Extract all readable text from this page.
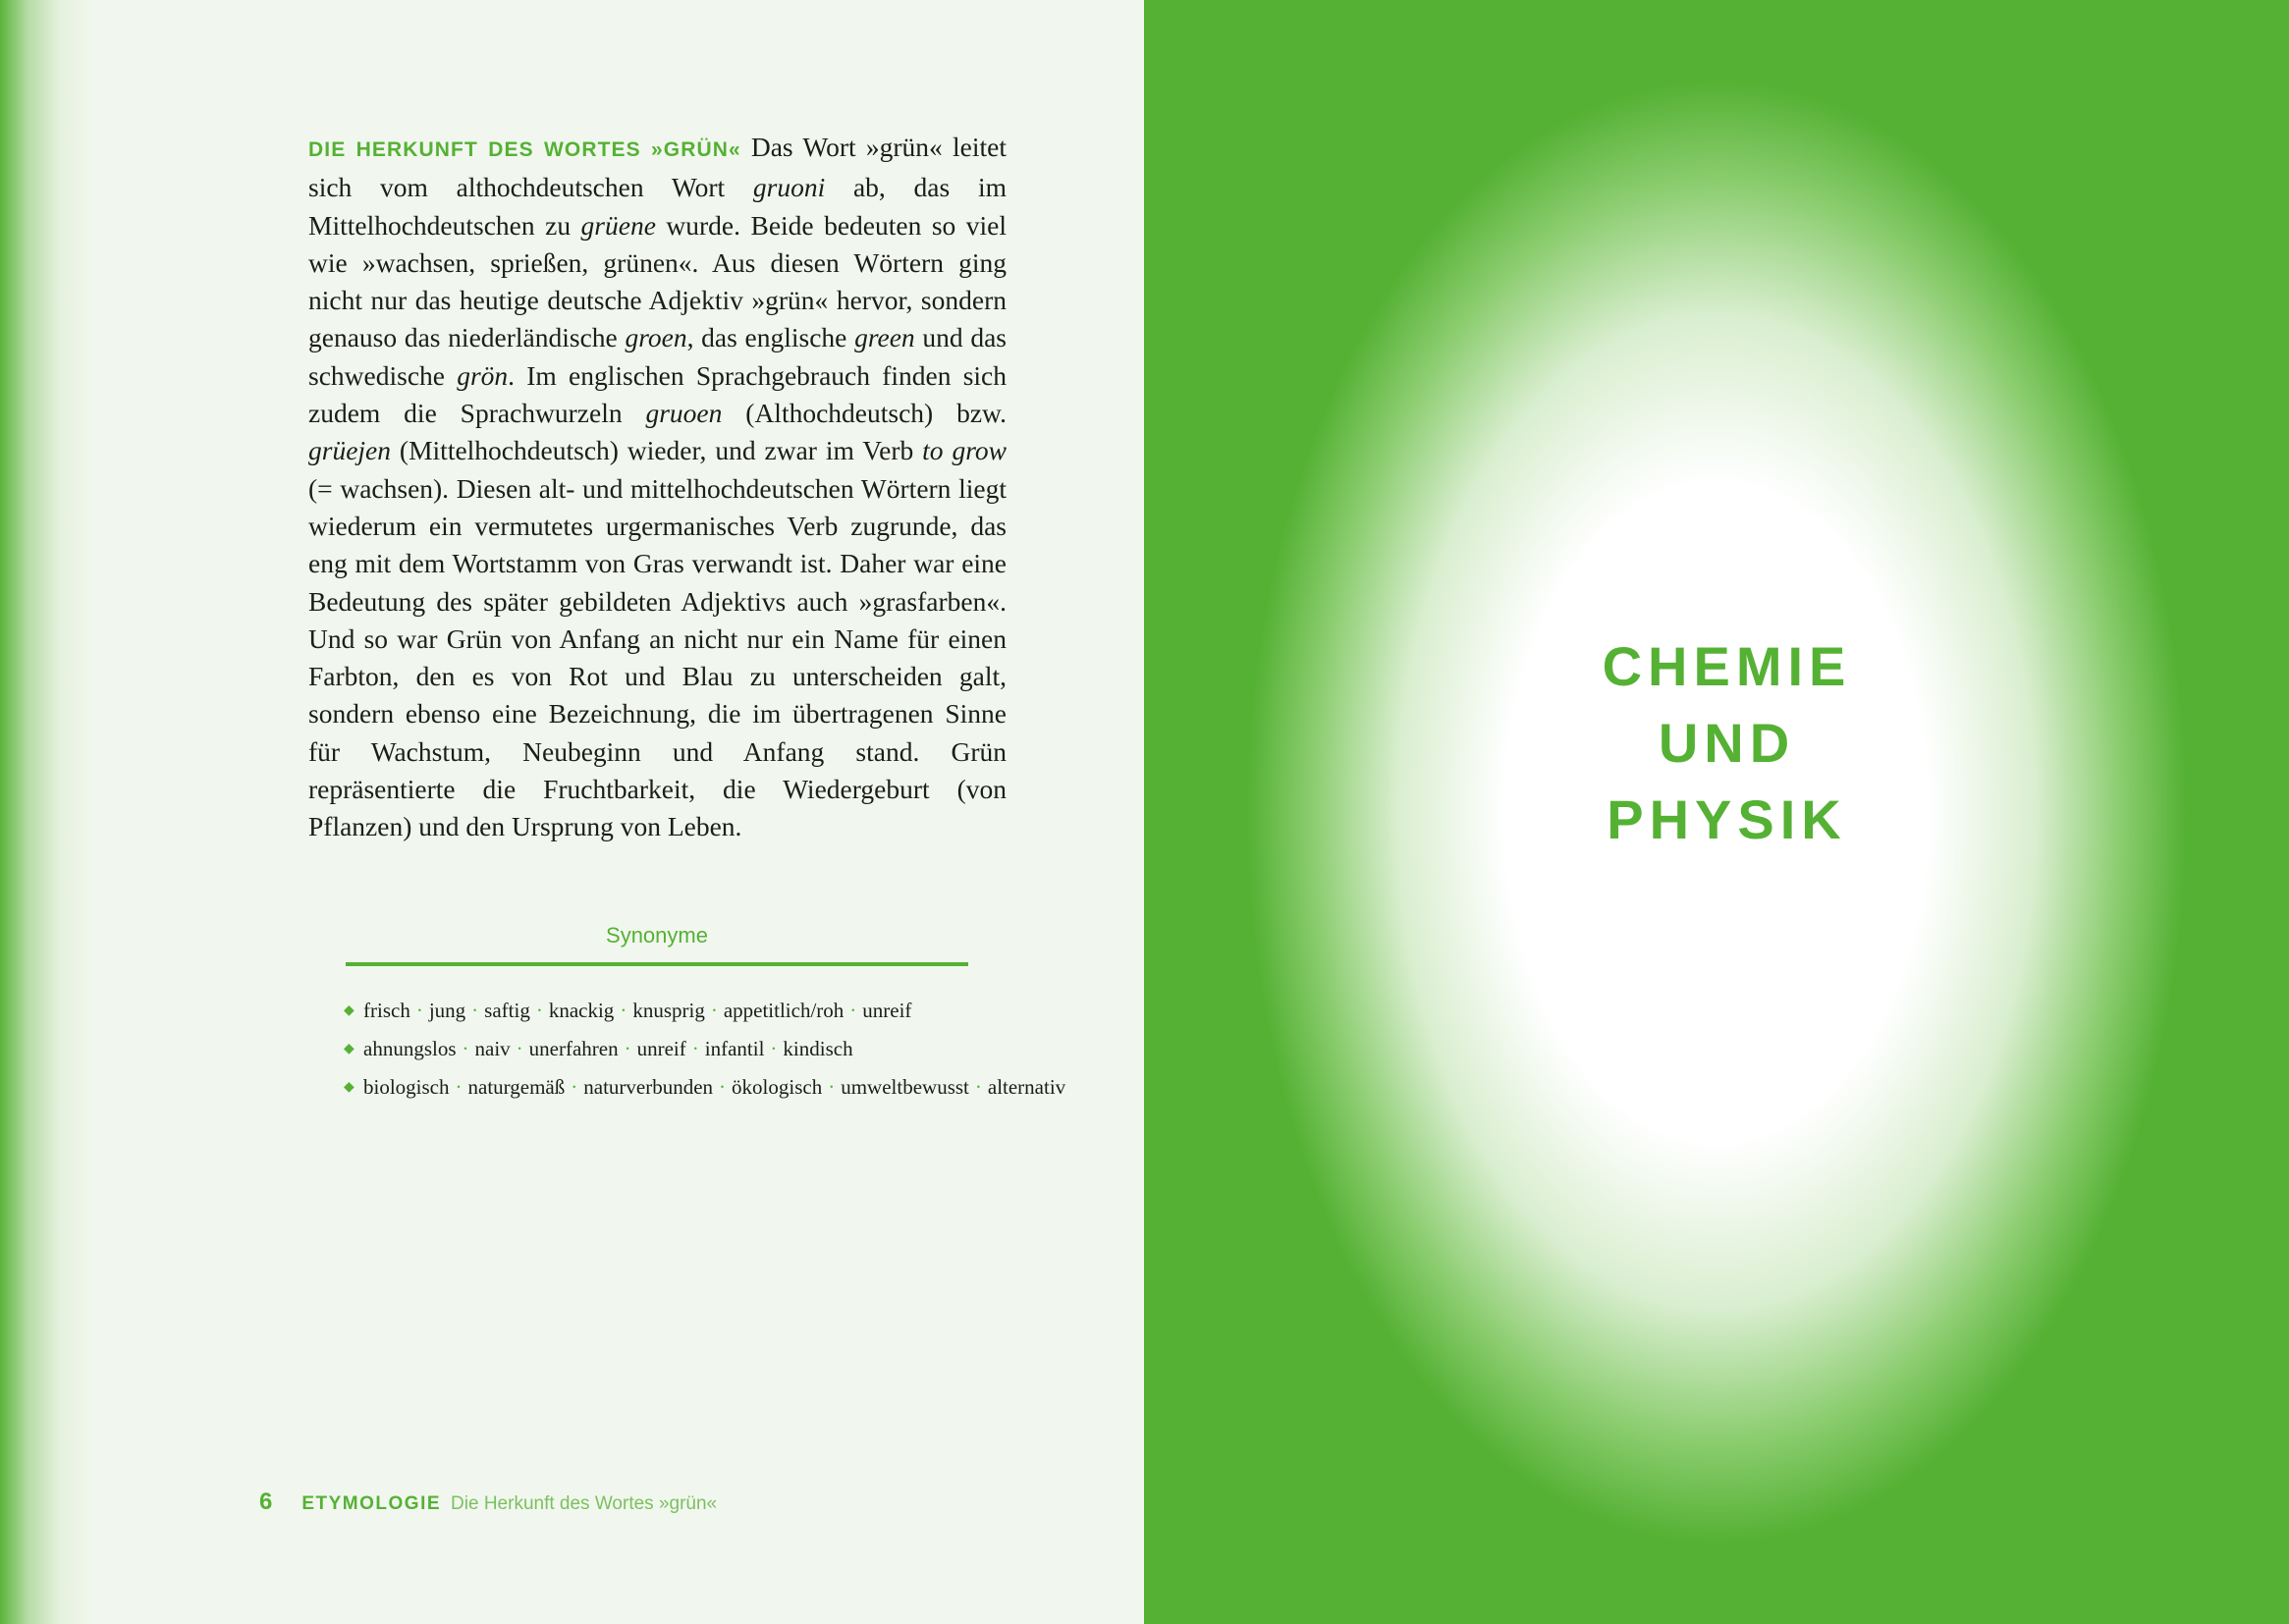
DIE HERKUNFT DES WORTES »GRÜN« Das Wort »grün« leitet sich vom althochdeutschen Wort gruoni ab, das im Mittelhochdeutschen zu grüene wurde. Beide bedeuten so viel wie »wachsen, sprießen, grünen«. Aus diesen Wörtern ging nicht nur das heutige deutsche Adjektiv »grün« hervor, sondern genauso das niederländische groen, das englische green und das schwedische grön. Im englischen Sprachgebrauch finden sich zudem die Sprachwurzeln gruoen (Althochdeutsch) bzw. grüejen (Mittelhochdeutsch) wieder, und zwar im Verb to grow (= wachsen). Diesen alt- und mittelhochdeutschen Wörtern liegt wiederum ein vermutetes urgermanisches Verb zugrunde, das eng mit dem Wortstamm von Gras verwandt ist. Daher war eine Bedeutung des später gebildeten Adjektivs auch »grasfarben«. Und so war Grün von Anfang an nicht nur ein Name für einen Farbton, den es von Rot und Blau zu unterscheiden galt, sondern ebenso eine Bezeichnung, die im übertragenen Sinne für Wachstum, Neubeginn und Anfang stand. Grün repräsentierte die Fruchtbarkeit, die Wiedergeburt (von Pflanzen) und den Ursprung von Leben.
Synonyme
◆ frisch · jung · saftig · knackig · knusprig · appetitlich/roh · unreif
◆ ahnungslos · naiv · unerfahren · unreif · infantil · kindisch
◆ biologisch · naturgemäß · naturverbunden · ökologisch · umweltbewusst · alternativ
6 ETYMOLOGIE Die Herkunft des Wortes »grün«
CHEMIE
UND
PHYSIK
